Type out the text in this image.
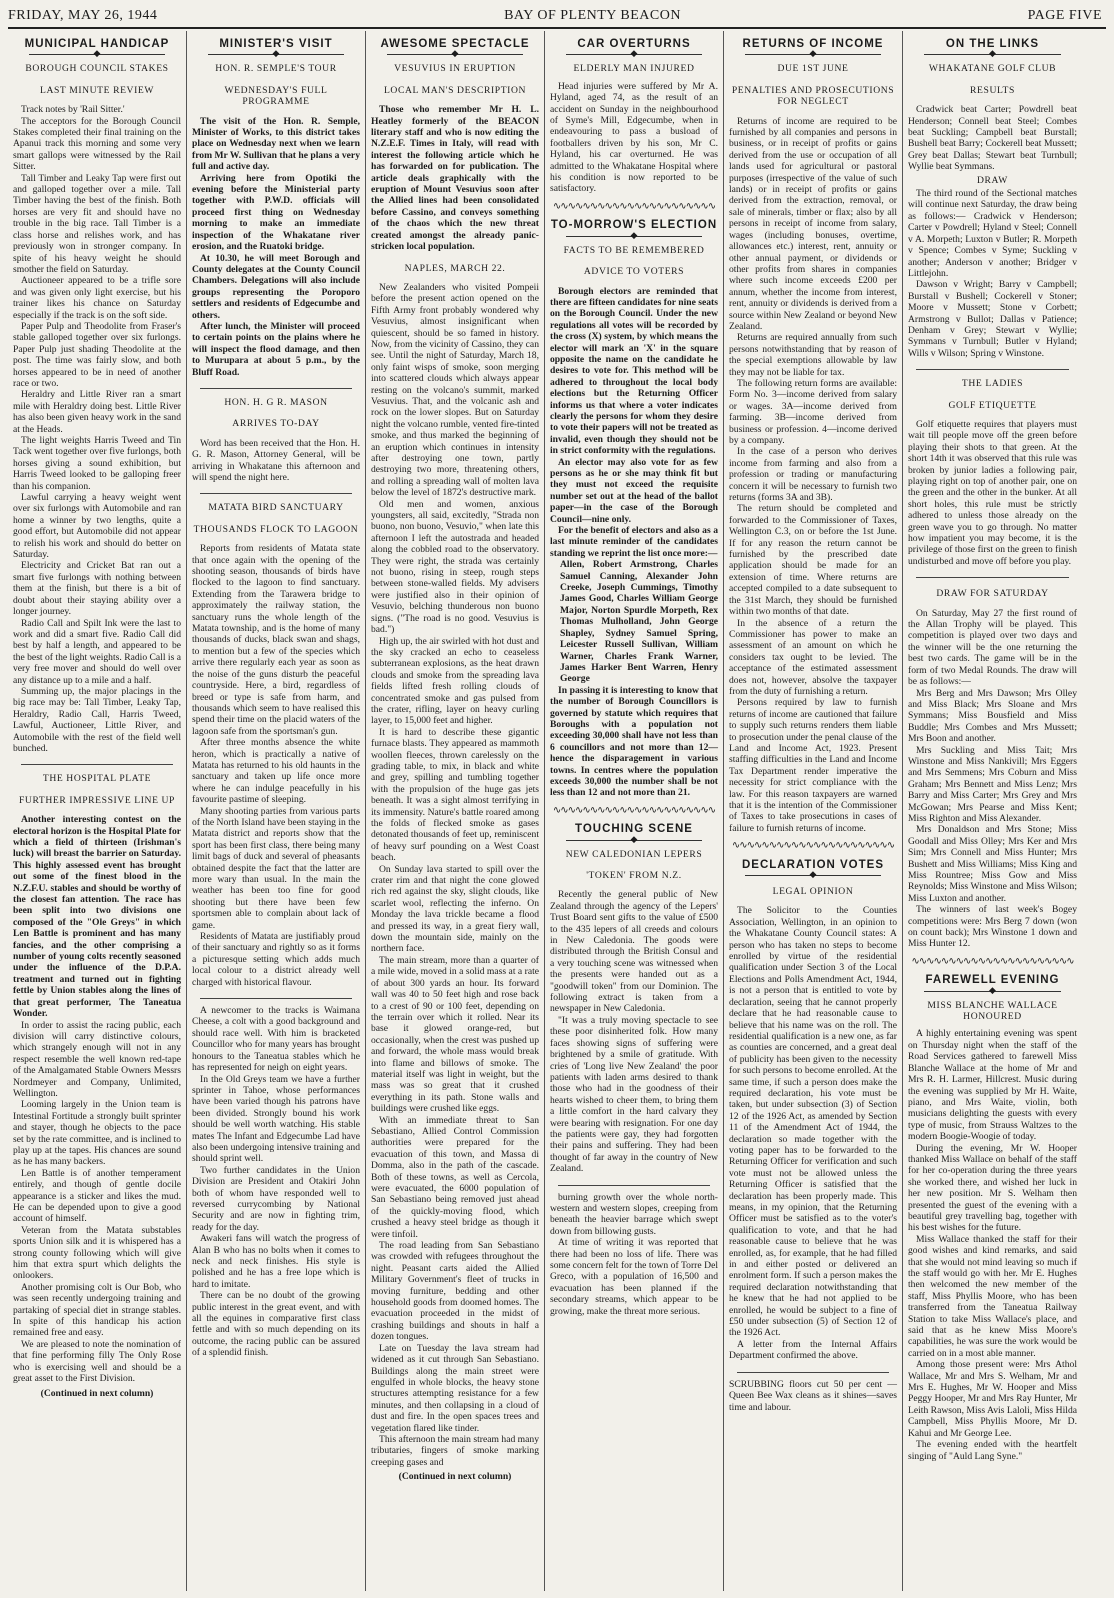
FRIDAY, MAY 26, 1944	BAY OF PLENTY BEACON	PAGE FIVE
MUNICIPAL HANDICAP
◆
BOROUGH COUNCIL STAKES
LAST MINUTE REVIEW

Track notes by 'Rail Sitter.'

The acceptors for the Borough Council Stakes completed their final training on the Apanui track this morning and some very smart gallops were witnessed by the Rail Sitter.

Tall Timber and Leaky Tap were first out and galloped together over a mile. Tall Timber having the best of the finish. Both horses are very fit and should have no trouble in the big race. Tall Timber is a class horse and relishes work, and has previously won in stronger company. In spite of his heavy weight he should smother the field on Saturday.

Auctioneer appeared to be a trifle sore and was given only light exercise, but his trainer likes his chance on Saturday especially if the track is on the soft side.

Paper Pulp and Theodolite from Fraser's stable galloped together over six furlongs. Paper Pulp just shading Theodolite at the post. The time was fairly slow, and both horses appeared to be in need of another race or two.

Heraldry and Little River ran a smart mile with Heraldry doing best. Little River has also been given heavy work in the sand at the Heads.

The light weights Harris Tweed and Tin Tack went together over five furlongs, both horses giving a sound exhibition, but Harris Tweed looked to be galloping freer than his companion.

Lawful carrying a heavy weight went over six furlongs with Automobile and ran home a winner by two lengths, quite a good effort, but Automobile did not appear to relish his work and should do better on Saturday.

Electricity and Cricket Bat ran out a smart five furlongs with nothing between them at the finish, but there is a bit of doubt about their staying ability over a longer journey.

Radio Call and Spilt Ink were the last to work and did a smart five. Radio Call did best by half a length, and appeared to be the best of the light weights. Radio Call is a very free mover and should do well over any distance up to a mile and a half.

Summing up, the major placings in the big race may be: Tall Timber, Leaky Tap, Heraldry, Radio Call, Harris Tweed, Lawful, Auctioneer, Little River, and Automobile with the rest of the field well bunched.

THE HOSPITAL PLATE
FURTHER IMPRESSIVE LINE UP

Another interesting contest on the electoral horizon is the Hospital Plate for which a field of thirteen (Irishman's luck) will breast the barrier on Saturday. This highly assessed event has brought out some of the finest blood in the N.Z.F.U. stables and should be worthy of the closest fan attention. The race has been split into two divisions one composed of the "Ole Greys" in which Len Battle is prominent and has many fancies, and the other comprising a number of young colts recently seasoned under the influence of the D.P.A. treatment and turned out in fighting fettle by Union stables along the lines of that great performer, The Taneatua Wonder.

In order to assist the racing public, each division will carry distinctive colours, which strangely enough will not in any respect resemble the well known red-tape of the Amalgamated Stable Owners Messrs Nordmeyer and Company, Unlimited, Wellington.

Looming largely in the Union team is Intestinal Fortitude a strongly built sprinter and stayer, though he objects to the pace set by the rate committee, and is inclined to play up at the tapes. His chances are sound as he has many backers.

Len Battle is of another temperament entirely, and though of gentle docile appearance is a sticker and likes the mud. He can be depended upon to give a good account of himself.

Veteran from the Matata substables sports Union silk and it is whispered has a strong county following which will give him that extra spurt which delights the onlookers.

Another promising colt is Our Bob, who was seen recently undergoing training and partaking of special diet in strange stables. In spite of this handicap his action remained free and easy.

We are pleased to note the nomination of that fine performing filly The Only Rose who is exercising well and should be a great asset to the First Division.

(Continued in next column)
MINISTER'S VISIT
◆
HON. R. SEMPLE'S TOUR
WEDNESDAY'S FULL PROGRAMME

The visit of the Hon. R. Semple, Minister of Works, to this district takes place on Wednesday next when we learn from Mr W. Sullivan that he plans a very full and active day.

Arriving here from Opotiki the evening before the Ministerial party together with P.W.D. officials will proceed first thing on Wednesday morning to make an immediate inspection of the Whakatane river erosion, and the Ruatoki bridge.

At 10.30, he will meet Borough and County delegates at the County Council Chambers. Delegations will also include groups representing the Poroporo settlers and residents of Edgecumbe and others.

After lunch, the Minister will proceed to certain points on the plains where he will inspect the flood damage, and then to Murupara at about 5 p.m., by the Bluff Road.

HON. H. G R. MASON
ARRIVES TO-DAY

Word has been received that the Hon. H. G. R. Mason, Attorney General, will be arriving in Whakatane this afternoon and will spend the night here.

MATATA BIRD SANCTUARY
THOUSANDS FLOCK TO LAGOON

Reports from residents of Matata state that once again with the opening of the shooting season, thousands of birds have flocked to the lagoon to find sanctuary. Extending from the Tarawera bridge to approximately the railway station, the sanctuary runs the whole length of the Matata township, and is the home of many thousands of ducks, black swan and shags, to mention but a few of the species which arrive there regularly each year as soon as the noise of the guns disturb the peaceful countryside. Here, a bird, regardless of breed or type is safe from harm, and thousands which seem to have realised this spend their time on the placid waters of the lagoon safe from the sportsman's gun.

After three months absence the white heron, which is practically a native of Matata has returned to his old haunts in the sanctuary and taken up life once more where he can indulge peacefully in his favourite pastime of sleeping.

Many shooting parties from various parts of the North Island have been staying in the Matata district and reports show that the sport has been first class, there being many limit bags of duck and several of pheasants obtained despite the fact that the latter are more wary than usual. In the main the weather has been too fine for good shooting but there have been few sportsmen able to complain about lack of game.

Residents of Matata are justifiably proud of their sanctuary and rightly so as it forms a picturesque setting which adds much local colour to a district already well charged with historical flavour.

A newcomer to the tracks is Waimana Cheese, a colt with a good background and should race well. With him is bracketed Councillor who for many years has brought honours to the Taneatua stables which he has represented for neigh on eight years.

In the Old Greys team we have a further sprinter in Tahoe, whose performances have been varied though his patrons have been divided. Strongly bound his work should be well worth watching. His stable mates The Infant and Edgecumbe Lad have also been undergoing intensive training and should sprint well.

Two further candidates in the Union Division are President and Otakiri John both of whom have responded well to reversed currycombing by National Security and are now in fighting trim, ready for the day.

Awakeri fans will watch the progress of Alan B who has no bolts when it comes to neck and neck finishes. His style is polished and he has a free lope which is hard to imitate.

There can be no doubt of the growing public interest in the great event, and with all the equines in comparative first class fettle and with so much depending on its outcome, the racing public can be assured of a splendid finish.

AWESOME SPECTACLE
◆
VESUVIUS IN ERUPTION
LOCAL MAN'S DESCRIPTION

Those who remember Mr H. L. Heatley formerly of the BEACON literary staff and who is now editing the N.Z.E.F. Times in Italy, will read with interest the following article which he has forwarded on for publication. The article deals graphically with the eruption of Mount Vesuvius soon after the Allied lines had been consolidated before Cassino, and conveys something of the chaos which the new threat created amongst the already panic-stricken local population.

NAPLES, MARCH 22.

New Zealanders who visited Pompeii before the present action opened on the Fifth Army front probably wondered why Vesuvius, almost insignificant when quiescent, should be so famed in history. Now, from the vicinity of Cassino, they can see. Until the night of Saturday, March 18, only faint wisps of smoke, soon merging into scattered clouds which always appear resting on the volcano's summit, marked Vesuvius. That, and the volcanic ash and rock on the lower slopes. But on Saturday night the volcano rumble, vented fire-tinted smoke, and thus marked the beginning of an eruption which continues in intensity after destroying one town, partly destroying two more, threatening others, and rolling a spreading wall of molten lava below the level of 1872's destructive mark.

Old men and women, anxious youngsters, all said, excitedly, "Strada non buono, non buono, Vesuvio," when late this afternoon I left the autostrada and headed along the cobbled road to the observatory. They were right, the strada was certainly not buono, rising in steep, rough steps between stone-walled fields. My advisers were justified also in their opinion of Vesuvio, belching thunderous non buono signs. ("The road is no good. Vesuvius is bad.")

High up, the air swirled with hot dust and the sky cracked an echo to ceaseless subterranean explosions, as the heat drawn clouds and smoke from the spreading lava fields lifted fresh rolling clouds of concentrated smoke and gas pulsed from the crater, rifling, layer on heavy curling layer, to 15,000 feet and higher.

It is hard to describe these gigantic furnace blasts. They appeared as mammoth woollen fleeces, thrown carelessly on the grading table, to mix, in black and white and grey, spilling and tumbling together with the propulsion of the huge gas jets beneath. It was a sight almost terrifying in its immensity. Nature's battle roared among the folds of flecked smoke as gases detonated thousands of feet up, reminiscent of heavy surf pounding on a West Coast beach.

On Sunday lava started to spill over the crater rim and that night the cone glowed rich red against the sky, slight clouds, like scarlet wool, reflecting the inferno. On Monday the lava trickle became a flood and pressed its way, in a great fiery wall, down the mountain side, mainly on the northern face.

The main stream, more than a quarter of a mile wide, moved in a solid mass at a rate of about 300 yards an hour. Its forward wall was 40 to 50 feet high and rose back to a crest of 90 or 100 feet, depending on the terrain over which it rolled. Near its base it glowed orange-red, but occasionally, when the crest was pushed up and forward, the whole mass would break into flame and billows of smoke. The material itself was light in weight, but the mass was so great that it crushed everything in its path. Stone walls and buildings were crushed like eggs.

With an immediate threat to San Sebastiano, Allied Control Commission authorities were prepared for the evacuation of this town, and Massa di Domma, also in the path of the cascade. Both of these towns, as well as Cercola, were evacuated, the 6000 population of San Sebastiano being removed just ahead of the quickly-moving flood, which crushed a heavy steel bridge as though it were tinfoil.

The road leading from San Sebastiano was crowded with refugees throughout the night. Peasant carts aided the Allied Military Government's fleet of trucks in moving furniture, bedding and other household goods from doomed homes. The evacuation proceeded in the midst of crashing buildings and shouts in half a dozen tongues.

Late on Tuesday the lava stream had widened as it cut through San Sebastiano. Buildings along the main street were engulfed in whole blocks, the heavy stone structures attempting resistance for a few minutes, and then collapsing in a cloud of dust and fire. In the open spaces trees and vegetation flared like tinder.

This afternoon the main stream had many tributaries, fingers of smoke marking creeping gases and

(Continued in next column)
CAR OVERTURNS
◆
ELDERLY MAN INJURED

Head injuries were suffered by Mr A. Hyland, aged 74, as the result of an accident on Sunday in the neighbourhood of Syme's Mill, Edgecumbe, when in endeavouring to pass a busload of footballers driven by his son, Mr C. Hyland, his car overturned. He was admitted to the Whakatane Hospital where his condition is now reported to be satisfactory.

∿∿∿∿∿∿∿∿∿∿∿∿∿∿∿∿∿∿∿∿∿∿
TO-MORROW'S ELECTION
◆
FACTS TO BE REMEMBERED
ADVICE TO VOTERS

Borough electors are reminded that there are fifteen candidates for nine seats on the Borough Council. Under the new regulations all votes will be recorded by the cross (X) system, by which means the elector will mark an 'X' in the square opposite the name on the candidate he desires to vote for. This method will be adhered to throughout the local body elections but the Returning Officer informs us that where a voter indicates clearly the persons for whom they desire to vote their papers will not be treated as invalid, even though they should not be in strict conformity with the regulations.

An elector may also vote for as few persons as he or she may think fit but they must not exceed the requisite number set out at the head of the ballot paper—in the case of the Borough Council—nine only.

For the benefit of electors and also as a last minute reminder of the candidates standing we reprint the list once more:—

Allen, Robert Armstrong, Charles Samuel Canning, Alexander John Creeke, Joseph Cummings, Timothy James Good, Charles William George Major, Norton Spurdle Morpeth, Rex Thomas Mulholland, John George Shapley, Sydney Samuel Spring, Leicester Russell Sullivan, William Warner, Charles Frank Warner, James Harker Bent Warren, Henry George

In passing it is interesting to know that the number of Borough Councillors is governed by statute which requires that Boroughs with a population not exceeding 30,000 shall have not less than 6 councillors and not more than 12—hence the disparagement in various towns. In centres where the population exceeds 30,000 the number shall be not less than 12 and not more than 21.

∿∿∿∿∿∿∿∿∿∿∿∿∿∿∿∿∿∿∿∿∿∿
TOUCHING SCENE
◆
NEW CALEDONIAN LEPERS
'TOKEN' FROM N.Z.

Recently the general public of New Zealand through the agency of the Lepers' Trust Board sent gifts to the value of £500 to the 435 lepers of all creeds and colours in New Caledonia. The goods were distributed through the British Consul and a very touching scene was witnessed when the presents were handed out as a "goodwill token" from our Dominion. The following extract is taken from a newspaper in New Caledonia.

"It was a truly moving spectacle to see these poor disinherited folk. How many faces showing signs of suffering were brightened by a smile of gratitude. With cries of 'Long live New Zealand' the poor patients with laden arms desired to thank those who had in the goodness of their hearts wished to cheer them, to bring them a little comfort in the hard calvary they were bearing with resignation. For one day the patients were gay, they had forgotten their pains and suffering. They had been thought of far away in the country of New Zealand.

burning growth over the whole north-western and western slopes, creeping from beneath the heavier barrage which swept down from billowing gusts.

At time of writing it was reported that there had been no loss of life. There was some concern felt for the town of Torre Del Greco, with a population of 16,500 and evacuation has been planned if the secondary streams, which appear to be growing, make the threat more serious.

RETURNS OF INCOME
◆
DUE 1ST JUNE
PENALTIES AND PROSECUTIONS FOR NEGLECT

Returns of income are required to be furnished by all companies and persons in business, or in receipt of profits or gains derived from the use or occupation of all lands used for agricultural or pastoral purposes (irrespective of the value of such lands) or in receipt of profits or gains derived from the extraction, removal, or sale of minerals, timber or flax; also by all persons in receipt of income from salary, wages (including bonuses, overtime, allowances etc.) interest, rent, annuity or other annual payment, or dividends or other profits from shares in companies where such income exceeds £200 per annum, whether the income from interest, rent, annuity or dividends is derived from a source within New Zealand or beyond New Zealand.

Returns are required annually from such persons notwithstanding that by reason of the special exemptions allowable by law they may not be liable for tax.

The following return forms are available: Form No. 3—income derived from salary or wages. 3A—income derived from farming. 3B—income derived from business or profession. 4—income derived by a company.

In the case of a person who derives income from farming and also from a profession or trading or manufacturing concern it will be necessary to furnish two returns (forms 3A and 3B).

The return should be completed and forwarded to the Commissioner of Taxes, Wellington C.3, on or before the 1st June. If for any reason the return cannot be furnished by the prescribed date application should be made for an extension of time. Where returns are accepted compiled to a date subsequent to the 31st March, they should be furnished within two months of that date.

In the absence of a return the Commissioner has power to make an assessment of an amount on which he considers tax ought to be levied. The acceptance of the estimated assessment does not, however, absolve the taxpayer from the duty of furnishing a return.

Persons required by law to furnish returns of income are cautioned that failure to supply such returns renders them liable to prosecution under the penal clause of the Land and Income Act, 1923. Present staffing difficulties in the Land and Income Tax Department render imperative the necessity for strict compliance with the law. For this reason taxpayers are warned that it is the intention of the Commissioner of Taxes to take prosecutions in cases of failure to furnish returns of income.

∿∿∿∿∿∿∿∿∿∿∿∿∿∿∿∿∿∿∿∿∿∿
DECLARATION VOTES
◆
LEGAL OPINION

The Solicitor to the Counties Association, Wellington, in an opinion to the Whakatane County Council states: A person who has taken no steps to become enrolled by virtue of the residential qualification under Section 3 of the Local Elections and Polls Amendment Act, 1944, is not a person that is entitled to vote by declaration, seeing that he cannot properly declare that he had reasonable cause to believe that his name was on the roll. The residential qualification is a new one, as far as counties are concerned, and a great deal of publicity has been given to the necessity for such persons to become enrolled. At the same time, if such a person does make the required declaration, his vote must be taken, but under subsection (3) of Section 12 of the 1926 Act, as amended by Section 11 of the Amendment Act of 1944, the declaration so made together with the voting paper has to be forwarded to the Returning Officer for verification and such vote must not be allowed unless the Returning Officer is satisfied that the declaration has been properly made. This means, in my opinion, that the Returning Officer must be satisfied as to the voter's qualification to vote, and that he had reasonable cause to believe that he was enrolled, as, for example, that he had filled in and either posted or delivered an enrolment form. If such a person makes the required declaration notwithstanding that he knew that he had not applied to be enrolled, he would be subject to a fine of £50 under subsection (5) of Section 12 of the 1926 Act.

A letter from the Internal Affairs Department confirmed the above.

SCRUBBING floors cut 50 per cent —Queen Bee Wax cleans as it shines—saves time and labour.

ON THE LINKS
◆
WHAKATANE GOLF CLUB
RESULTS

Cradwick beat Carter; Powdrell beat Henderson; Connell beat Steel; Combes beat Suckling; Campbell beat Burstall; Bushell beat Barry; Cockerell beat Mussett; Grey beat Dallas; Stewart beat Turnbull; Wyllie beat Symmans.

DRAW

The third round of the Sectional matches will continue next Saturday, the draw being as follows:— Cradwick v Henderson; Carter v Powdrell; Hyland v Steel; Connell v A. Morpeth; Luxton v Butler; R. Morpeth v Spence; Combes v Syme; Suckling v another; Anderson v another; Bridger v Littlejohn.

Dawson v Wright; Barry v Campbell; Burstall v Bushell; Cockerell v Stoner; Moore v Mussett; Stone v Corbett; Armstrong v Bullot; Dallas v Patience; Denham v Grey; Stewart v Wyllie; Symmans v Turnbull; Butler v Hyland; Wills v Wilson; Spring v Winstone.

THE LADIES
GOLF ETIQUETTE

Golf etiquette requires that players must wait till people move off the green before playing their shots to that green. At the short 14th it was observed that this rule was broken by junior ladies a following pair, playing right on top of another pair, one on the green and the other in the bunker. At all short holes, this rule must be strictly adhered to unless those already on the green wave you to go through. No matter how impatient you may become, it is the privilege of those first on the green to finish undisturbed and move off before you play.

DRAW FOR SATURDAY

On Saturday, May 27 the first round of the Allan Trophy will be played. This competition is played over two days and the winner will be the one returning the best two cards. The game will be in the form of two Medal Rounds. The draw will be as follows:—

Mrs Berg and Mrs Dawson; Mrs Olley and Miss Black; Mrs Sloane and Mrs Symmans; Miss Bousfield and Miss Buddle; Mrs Combes and Mrs Mussett; Mrs Boon and another.

Mrs Suckling and Miss Tait; Mrs Winstone and Miss Nankivill; Mrs Eggers and Mrs Semmens; Mrs Coburn and Miss Graham; Mrs Bennett and Miss Lenz; Mrs Barry and Miss Carter; Mrs Grey and Mrs McGowan; Mrs Pearse and Miss Kent; Miss Righton and Miss Alexander.

Mrs Donaldson and Mrs Stone; Miss Goodall and Miss Olley; Mrs Ker and Mrs Sim; Mrs Connell and Miss Hunter; Mrs Bushett and Miss Williams; Miss King and Miss Rountree; Miss Gow and Miss Reynolds; Miss Winstone and Miss Wilson; Miss Luxton and another.

The winners of last week's Bogey competitions were: Mrs Berg 7 down (won on count back); Mrs Winstone 1 down and Miss Hunter 12.

∿∿∿∿∿∿∿∿∿∿∿∿∿∿∿∿∿∿∿∿∿∿
FAREWELL EVENING
◆
MISS BLANCHE WALLACE HONOURED

A highly entertaining evening was spent on Thursday night when the staff of the Road Services gathered to farewell Miss Blanche Wallace at the home of Mr and Mrs R. H. Larmer, Hillcrest. Music during the evening was supplied by Mr H. Waite, piano, and Mrs Waite, violin, both musicians delighting the guests with every type of music, from Strauss Waltzes to the modern Boogie-Woogie of today.

During the evening, Mr W. Hooper thanked Miss Wallace on behalf of the staff for her co-operation during the three years she worked there, and wished her luck in her new position. Mr S. Welham then presented the guest of the evening with a beautiful grey travelling bag, together with his best wishes for the future.

Miss Wallace thanked the staff for their good wishes and kind remarks, and said that she would not mind leaving so much if the staff would go with her. Mr E. Hughes then welcomed the new member of the staff, Miss Phyllis Moore, who has been transferred from the Taneatua Railway Station to take Miss Wallace's place, and said that as he knew Miss Moore's capabilities, he was sure the work would be carried on in a most able manner.

Among those present were: Mrs Athol Wallace, Mr and Mrs S. Welham, Mr and Mrs E. Hughes, Mr W. Hooper and Miss Peggy Hooper, Mr and Mrs Ray Hunter, Mr Leith Rawson, Miss Avis Laloli, Miss Hilda Campbell, Miss Phyllis Moore, Mr D. Kahui and Mr George Lee.

The evening ended with the heartfelt singing of "Auld Lang Syne."
